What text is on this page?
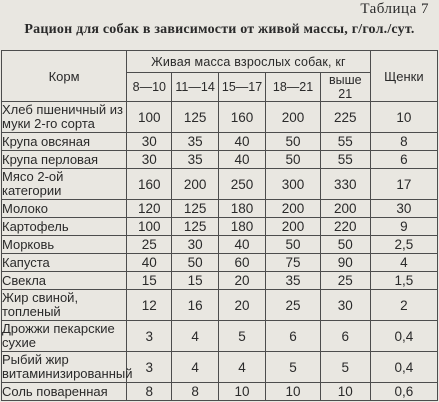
Таблица 7
Рацион для собак в зависимости от живой массы, г/гол./сут.
Корм	Живая масса взрослых собак, кг					Щенки
	8—10	11—14	15—17	18—21	выше 21	
Хлеб пшеничный из муки 2-го сорта	100	125	160	200	225	10
Крупа овсяная	30	35	40	50	55	8
Крупа перловая	30	35	40	50	55	6
Мясо 2-ой категории	160	200	250	300	330	17
Молоко	120	125	180	200	200	30
Картофель	100	125	180	200	220	9
Морковь	25	30	40	50	50	2,5
Капуста	40	50	60	75	90	4
Свекла	15	15	20	35	25	1,5
Жир свиной, топленый	12	16	20	25	30	2
Дрожжи пекарские сухие	3	4	5	6	6	0,4
Рыбий жир витаминизированный	3	4	4	5	5	0,4
Соль поваренная	8	8	10	10	10	0,6
